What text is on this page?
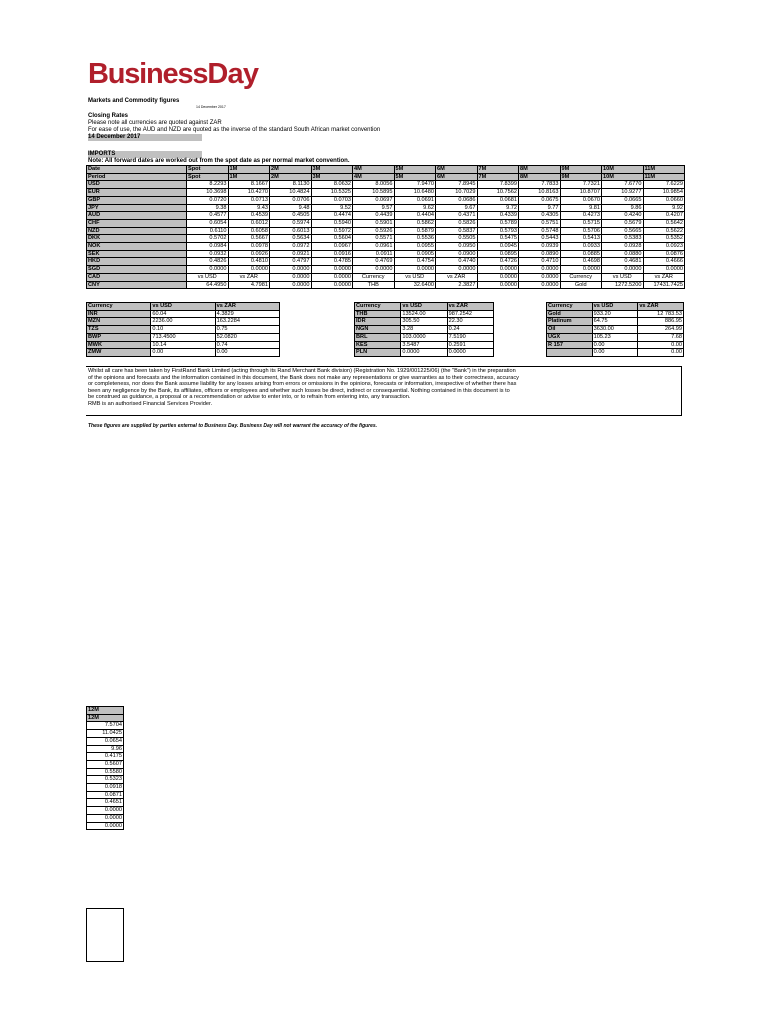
BusinessDay
Markets and Commodity figures
14 December 2017
Closing Rates
Please note all currencies are quoted against ZAR
For ease of use, the AUD and NZD are quoted as the inverse of the standard South African market convention
14 December 2017
IMPORTS
Note: All forward dates are worked out from the spot date as per normal market convention.
Date	Spot	1M	2M	3M	4M	5M	6M	7M	8M	9M	10M	11M
Period	Spot	1M	2M	3M	4M	5M	6M	7M	8M	9M	10M	11M
USD	8.2293	8.1667	8.1130	8.0632	8.0056	7.9470	7.8945	7.8399	7.7833	7.7321	7.6770	7.6229
EUR	10.3698	10.4270	10.4824	10.5325	10.5895	10.6480	10.7029	10.7562	10.8163	10.8707	10.9277	10.9854
GBP	0.0720	0.0713	0.0706	0.0703	0.0697	0.0691	0.0686	0.0681	0.0675	0.0670	0.0665	0.0660
JPY	9.38	9.43	9.48	9.52	9.57	9.62	9.67	9.72	9.77	9.81	9.86	9.92
AUD	0.4577	0.4539	0.4505	0.4474	0.4439	0.4404	0.4371	0.4339	0.4305	0.4273	0.4240	0.4207
CHF	0.6054	0.6012	0.5974	0.5940	0.5901	0.5862	0.5826	0.5789	0.5751	0.5715	0.5679	0.5642
NZD	0.6110	0.6058	0.6013	0.5972	0.5926	0.5879	0.5837	0.5793	0.5748	0.5706	0.5665	0.5622
DKK	0.5702	0.5667	0.5634	0.5604	0.5571	0.5536	0.5505	0.5475	0.5443	0.5413	0.5383	0.5352
NOK	0.0984	0.0978	0.0972	0.0967	0.0961	0.0955	0.0950	0.0945	0.0939	0.0933	0.0928	0.0923
SEK	0.0932	0.0926	0.0921	0.0916	0.0911	0.0905	0.0900	0.0895	0.0890	0.0885	0.0880	0.0876
HKD	0.4826	0.4810	0.4797	0.4785	0.4769	0.4754	0.4740	0.4726	0.4710	0.4698	0.4681	0.4666
SGD	0.0000	0.0000	0.0000	0.0000	0.0000	0.0000	0.0000	0.0000	0.0000	0.0000	0.0000	0.0000
CAD	vs USD	vs ZAR	0.0000	0.0000	Currency	vs USD	vs ZAR	0.0000	0.0000	Currency	vs USD	vs ZAR
CNY	64.4950	4.7981	0.0000	0.0000	THB	32.6400	2.3827	0.0000	0.0000	Gold	1272.5200	17431.7425
Currency	vs USD	vs ZAR
INR	60.04	4.3829
MZN	2236.00	163.2284
TZS	0.10	0.75
BWP	713.4500	52.0820
MWK	10.14	0.74
ZMW	0.00	0.00
Currency	vs USD	vs ZAR
THB	13524.00	987.2542
IDR	305.50	22.30
NGN	3.28	0.24
BRL	103.0000	7.5190
KES	3.5487	0.2591
PLN	0.0000	0.0000
Currency	vs USD	vs ZAR
Gold	933.20	12 783.53
Platinum	64.75	886.95
Oil	3630.00	264.99
UGX	105.23	7.68
R 157	0.00	0.00
	0.00	0.00
Whilst all care has been taken by FirstRand Bank Limited (acting through its Rand Merchant Bank division) (Registration No. 1929/001225/06) (the "Bank") in the preparation
of the opinions and forecasts and the information contained in this document, the Bank does not make any representations or give warranties as to their correctness, accuracy
or completeness, nor does the Bank assume liability for any losses arising from errors or omissions in the opinions, forecasts or information, irrespective of whether there has
been any negligence by the Bank, its affiliates, officers or employees and whether such losses be direct, indirect or consequential. Nothing contained in this document is to
be construed as guidance, a proposal or a recommendation or advise to enter into, or to refrain from entering into, any transaction.
RMB is an authorised Financial Services Provider.
These figures are supplied by parties external to Business Day. Business Day will not warrant the accuracy of the figures.
12M
12M
7.5704
11.0425
0.0654
9.96
0.4175
0.5607
0.5580
0.5323
0.0918
0.0871
0.4651
0.0000
0.0000
0.0000
